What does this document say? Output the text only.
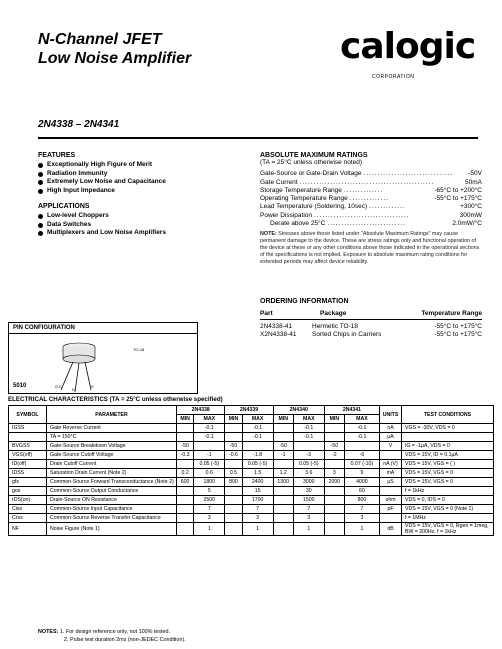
N-Channel JFET
Low Noise Amplifier	calogic
CORPORATION
2N4338 – 2N4341
FEATURES
Exceptionally High Figure of Merit
Radiation Immunity
Extremely Low Noise and Capacitance
High Input Impedance
APPLICATIONS
Low-level Choppers
Data Switches
Multiplexers and Low Noise Amplifiers
ABSOLUTE MAXIMUM RATINGS
(TA = 25°C unless otherwise noted)
Gate-Source or Gate-Drain Voltage ................................	-50V
Gate Current ................................................	50mA
Storage Temperature Range ..............	-65°C to +200°C
Operating Temperature Range ..............	-55°C to +175°C
Lead Temperature (Soldering, 10sec) .............	+300°C
Power Dissipation ..................................	300mW
Derate above 25°C ............................	2.0mW/°C
NOTE: Stresses above those listed under "Absolute Maximum Ratings" may cause permanent damage to the device. These are stress ratings only and functional operation of the device at these or any other conditions above those indicated in the operational sections of the specifications is not implied. Exposure to absolute maximum rating conditions for extended periods may affect device reliability.
ORDERING INFORMATION
Part	Package	Temperature Range
2N4338-41	Hermetic TO-18	-55°C to +175°C
X2N4338-41	Sorted Chips in Carriers	-55°C to +175°C
PIN CONFIGURATION
TO-18
5010	G,C
D
S
ELECTRICAL CHARACTERISTICS (TA = 25°C unless otherwise specified)
SYMBOL	PARAMETER	2N4338		2N4339		2N4340		2N4341		UNITS	TEST CONDITIONS
		MIN	MAX	MIN	MAX	MIN	MAX	MIN	MAX		
IGSS	Gate Reverse Current		-0.1		-0.1		-0.1		-0.1	nA	VGS = -30V, VDS = 0
	TA = 150°C		-0.1		-0.1		-0.1		-0.1	µA	
BVGSS	Gate-Source Breakdown Voltage	-50		-50		-50		-50		V	IG = -1µA, VDS = 0
VGS(off)	Gate-Source Cutoff Voltage	-0.3	-1	-0.6	-1.8	-1	-3	-2	-6		VDS = 15V, ID = 0.1µA
ID(off)	Drain Cutoff Current		0.05 (-5)		0.05 (-5)		0.05 (-5)		0.07 (-10)	nA (V)	VDS = 15V, VGS = ( )
IDSS	Saturation Drain Current (Note 2)	0.2	0.6	0.5	1.5	1.2	3.6	3	9	mA	VDS = 15V, VGS = 0
gfs	Common-Source Forward Transconductance (Note 2)	600	1800	800	2400	1300	3000	2000	4000	µS	VDS = 15V, VGS = 0
gos	Common-Source Output Conductance		5		15		30		60		f = 1kHz
rDS(on)	Drain-Source ON Resistance		2500		1700		1500		800	ohm	VDS = 0, IDS = 0
Ciss	Common-Source Input Capacitance		7		7		7		7	pF	VDS = 15V, VGS = 0 (Note 1)
Crss	Common-Source Reverse Transfer Capacitance		3		3		3		3		f = 1MHz
NF	Noise Figure (Note 1)		1		1		1		1	dB	VDS = 15V, VGS = 0, Rgen = 1meg, BW = 200Hz, f = 1kHz
NOTES: 1. For design reference only, not 100% tested.
2. Pulse test duration 2ms (non-JEDEC Condition).
